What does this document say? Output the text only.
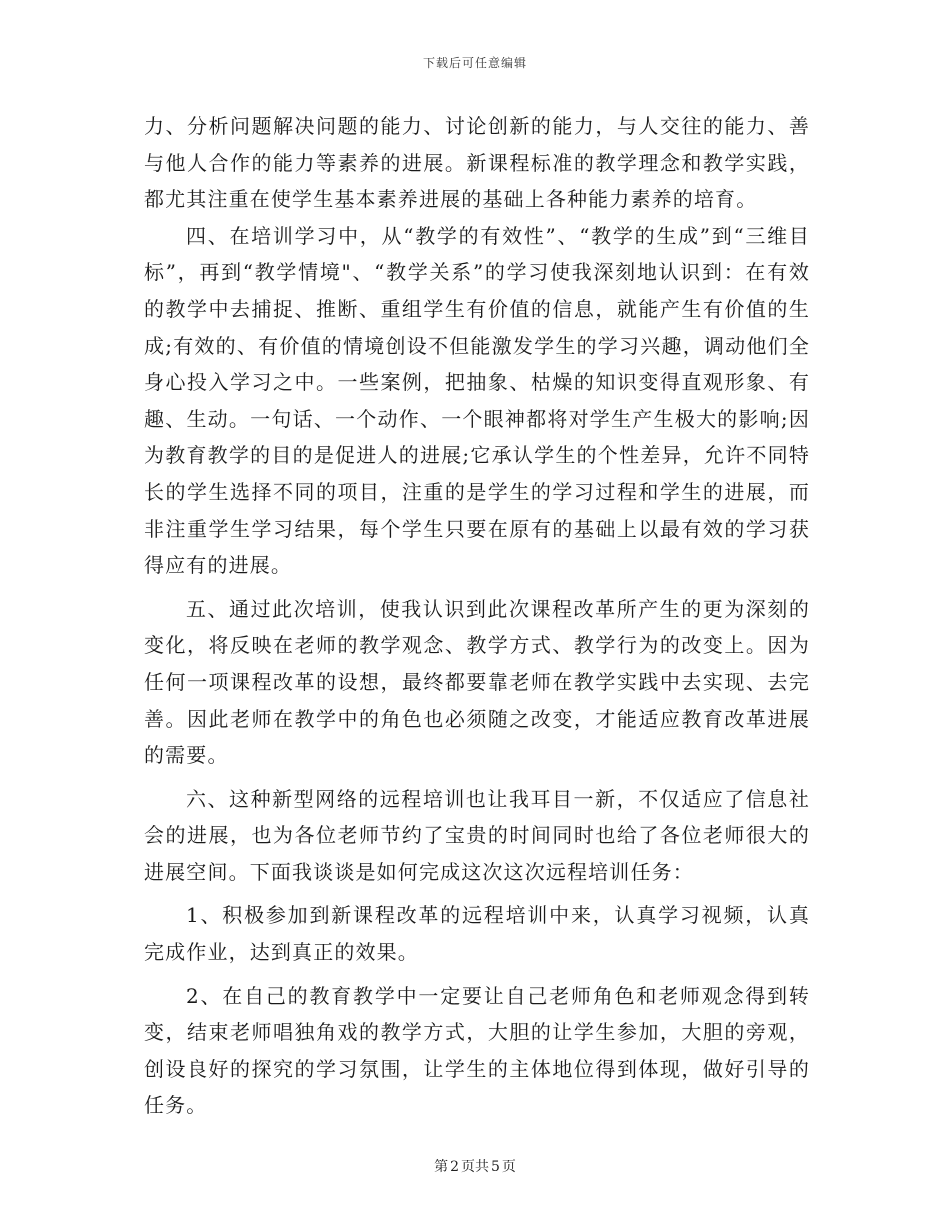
下载后可任意编辑

力、分析问题解决问题的能力、讨论创新的能力，与人交往的能力、善与他人合作的能力等素养的进展。新课程标准的教学理念和教学实践，都尤其注重在使学生基本素养进展的基础上各种能力素养的培育。

四、在培训学习中，从“教学的有效性”、“教学的生成”到“三维目标”，再到“教学情境"、“教学关系”的学习使我深刻地认识到：在有效的教学中去捕捉、推断、重组学生有价值的信息，就能产生有价值的生成;有效的、有价值的情境创设不但能激发学生的学习兴趣，调动他们全身心投入学习之中。一些案例，把抽象、枯燥的知识变得直观形象、有趣、生动。一句话、一个动作、一个眼神都将对学生产生极大的影响;因为教育教学的目的是促进人的进展;它承认学生的个性差异，允许不同特长的学生选择不同的项目，注重的是学生的学习过程和学生的进展，而非注重学生学习结果，每个学生只要在原有的基础上以最有效的学习获得应有的进展。

五、通过此次培训，使我认识到此次课程改革所产生的更为深刻的变化，将反映在老师的教学观念、教学方式、教学行为的改变上。因为任何一项课程改革的设想，最终都要靠老师在教学实践中去实现、去完善。因此老师在教学中的角色也必须随之改变，才能适应教育改革进展的需要。

六、这种新型网络的远程培训也让我耳目一新，不仅适应了信息社会的进展，也为各位老师节约了宝贵的时间同时也给了各位老师很大的进展空间。下面我谈谈是如何完成这次这次远程培训任务：

1、积极参加到新课程改革的远程培训中来，认真学习视频，认真完成作业，达到真正的效果。

2、在自己的教育教学中一定要让自己老师角色和老师观念得到转变，结束老师唱独角戏的教学方式，大胆的让学生参加，大胆的旁观，创设良好的探究的学习氛围，让学生的主体地位得到体现，做好引导的任务。

第 2 页共 5 页
